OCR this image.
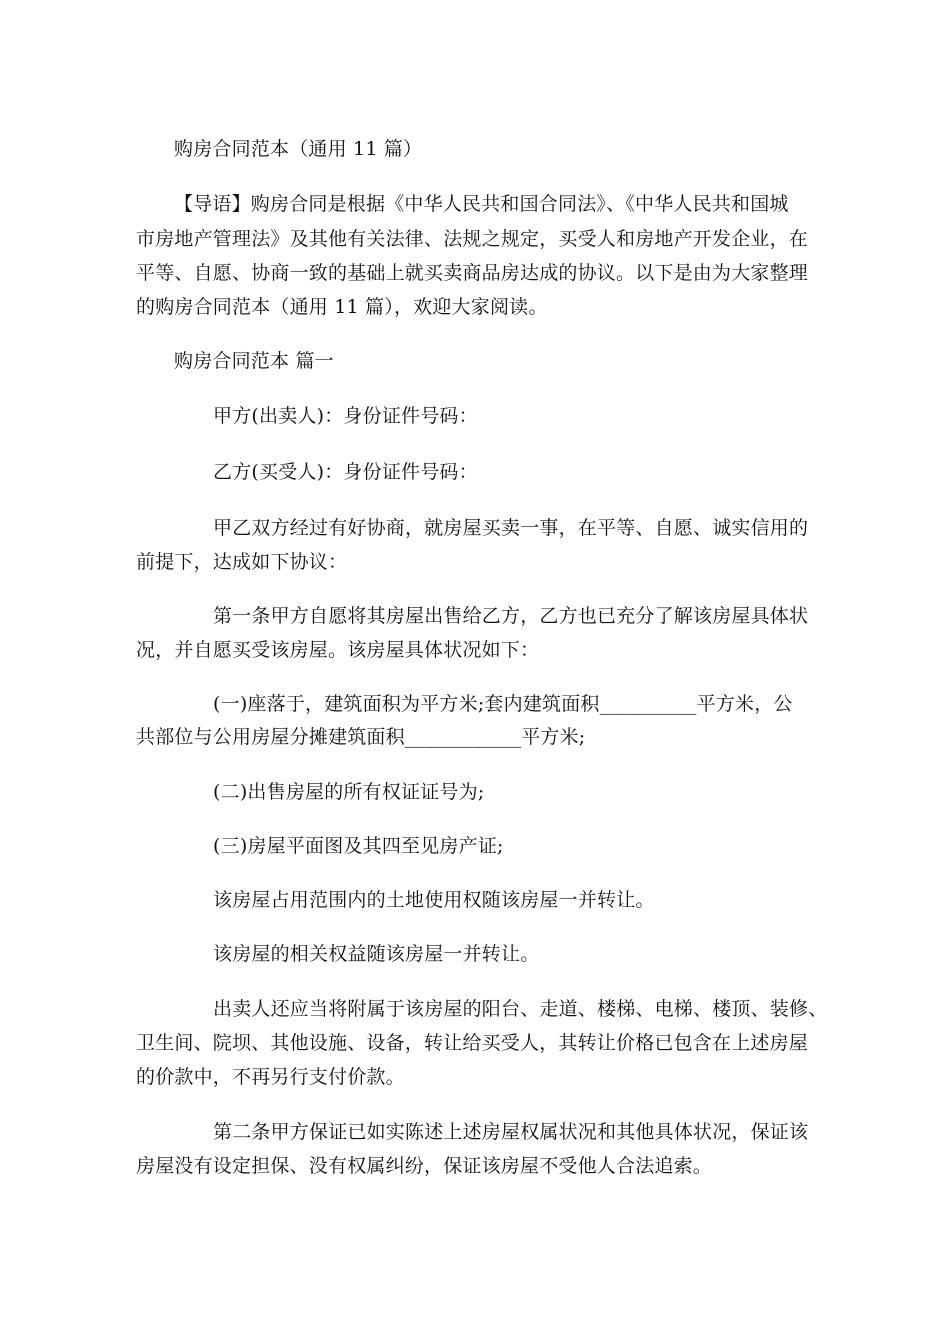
购房合同范本（通用 11 篇）
【导语】购房合同是根据《中华人民共和国合同法》、《中华人民共和国城
市房地产管理法》及其他有关法律、法规之规定，买受人和房地产开发企业，在
平等、自愿、协商一致的基础上就买卖商品房达成的协议。以下是由为大家整理
的购房合同范本（通用 11 篇），欢迎大家阅读。
购房合同范本 篇一
甲方(出卖人)：身份证件号码：
乙方(买受人)：身份证件号码：
甲乙双方经过有好协商，就房屋买卖一事，在平等、自愿、诚实信用的
前提下，达成如下协议：
第一条甲方自愿将其房屋出售给乙方，乙方也已充分了解该房屋具体状
况，并自愿买受该房屋。该房屋具体状况如下：
(一)座落于，建筑面积为平方米;套内建筑面积__________平方米，公
共部位与公用房屋分摊建筑面积____________平方米;
(二)出售房屋的所有权证证号为;
(三)房屋平面图及其四至见房产证;
该房屋占用范围内的土地使用权随该房屋一并转让。
该房屋的相关权益随该房屋一并转让。
出卖人还应当将附属于该房屋的阳台、走道、楼梯、电梯、楼顶、装修、
卫生间、院坝、其他设施、设备，转让给买受人，其转让价格已包含在上述房屋
的价款中，不再另行支付价款。
第二条甲方保证已如实陈述上述房屋权属状况和其他具体状况，保证该
房屋没有设定担保、没有权属纠纷，保证该房屋不受他人合法追索。
